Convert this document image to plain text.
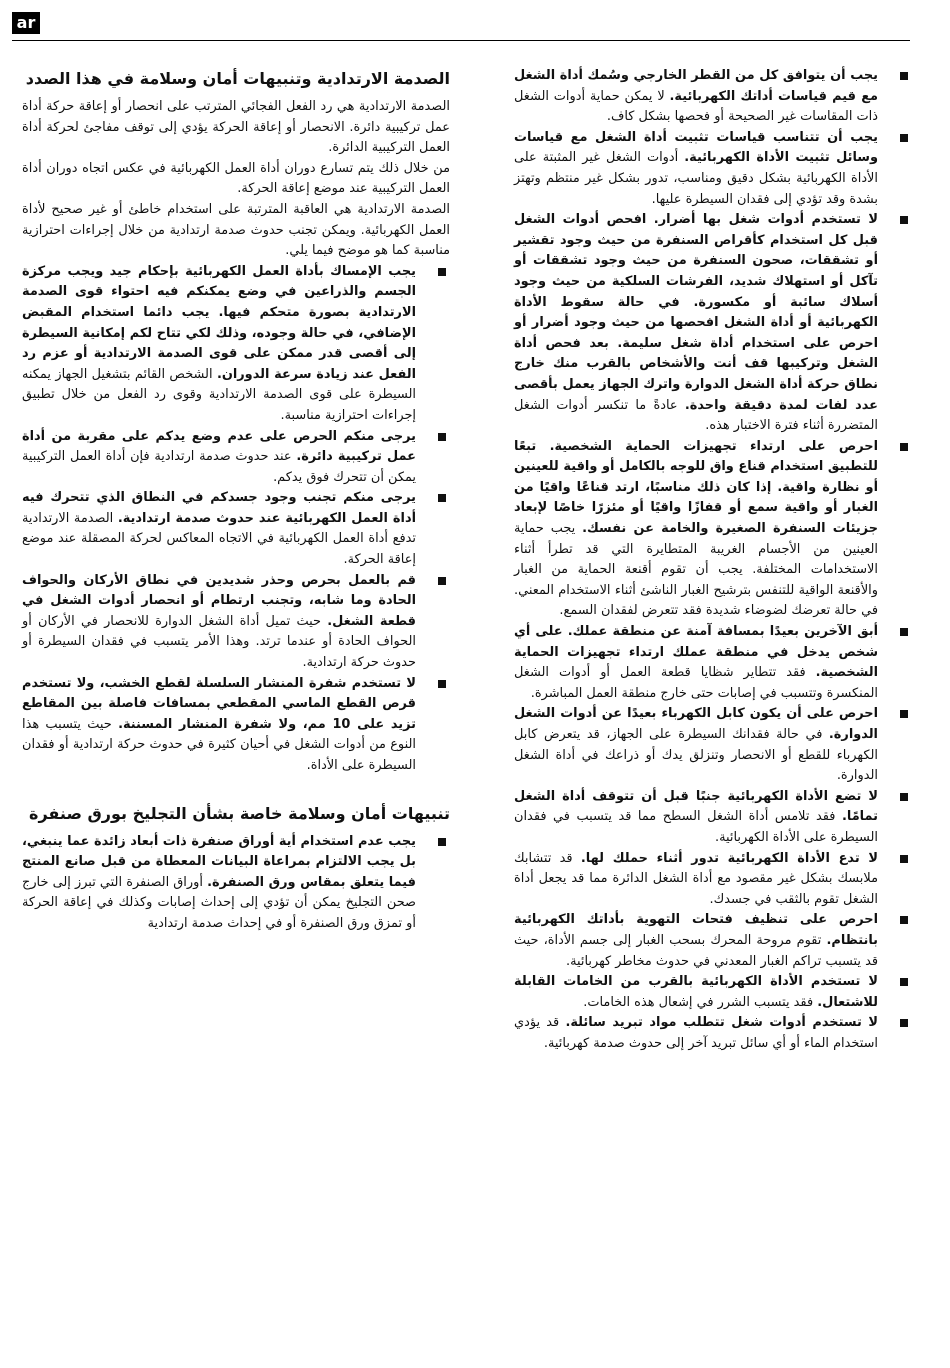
ar
الصدمة الارتدادية وتنبيهات أمان وسلامة في هذا الصدد

الصدمة الارتدادية هي رد الفعل الفجائي المترتب على انحصار أو إعاقة حركة أداة عمل تركيبية دائرة. الانحصار أو إعاقة الحركة يؤدي إلى توقف مفاجئ لحركة أداة العمل التركيبية الدائرة.

من خلال ذلك يتم تسارع دوران أداة العمل الكهربائية في عكس اتجاه دوران أداة العمل التركيبية عند موضع إعاقة الحركة.

الصدمة الارتدادية هي العاقبة المترتبة على استخدام خاطئ أو غير صحيح لأداة العمل الكهربائية. ويمكن تجنب حدوث صدمة ارتدادية من خلال إجراءات احترازية مناسبة كما هو موضح فيما يلي.

يجب الإمساك بأداة العمل الكهربائية بإحكام جيد ويجب مركزة الجسم والذراعين في وضع يمكنكم فيه احتواء قوى الصدمة الارتدادية بصورة متحكم فيها. يجب دائما استخدام المقبض الإضافي، في حالة وجوده، وذلك لكي تتاح لكم إمكانية السيطرة إلى أقصى قدر ممكن على قوى الصدمة الارتدادية أو عزم رد الفعل عند زيادة سرعة الدوران. الشخص القائم بتشغيل الجهاز يمكنه السيطرة على قوى الصدمة الارتدادية وقوى رد الفعل من خلال تطبيق إجراءات احترازية مناسبة.
يرجى منكم الحرص على عدم وضع يدكم على مقربة من أداة عمل تركيبية دائرة. عند حدوث صدمة ارتدادية فإن أداة العمل التركيبية يمكن أن تتحرك فوق يدكم.
يرجى منكم تجنب وجود جسدكم في النطاق الذي تتحرك فيه أداة العمل الكهربائية عند حدوث صدمة ارتدادية. الصدمة الارتدادية تدفع أداة العمل الكهربائية في الاتجاه المعاكس لحركة المصقلة عند موضع إعاقة الحركة.
قم بالعمل بحرص وحذر شديدين في نطاق الأركان والحواف الحادة وما شابه، وتجنب ارتطام أو انحصار أدوات الشغل في قطعة الشغل. حيث تميل أداة الشغل الدوارة للانحصار في الأركان أو الحواف الحادة أو عندما ترتد. وهذا الأمر يتسبب في فقدان السيطرة أو حدوث حركة ارتدادية.
لا تستخدم شفرة المنشار السلسلة لقطع الخشب، ولا تستخدم قرص القطع الماسي المقطعي بمسافات فاصلة بين المقاطع تزيد على 10 مم، ولا شفرة المنشار المسننة. حيث يتسبب هذا النوع من أدوات الشغل في أحيان كثيرة في حدوث حركة ارتدادية أو فقدان السيطرة على الأداة.
تنبيهات أمان وسلامة خاصة بشأن التجليخ بورق صنفرة
يجب عدم استخدام أية أوراق صنفرة ذات أبعاد زائدة عما ينبغي، بل يجب الالتزام بمراعاة البيانات المعطاة من قبل صانع المنتج فيما يتعلق بمقاس ورق الصنفرة. أوراق الصنفرة التي تبرز إلى خارج صحن التجليخ يمكن أن تؤدي إلى إحداث إصابات وكذلك في إعاقة الحركة أو تمزق ورق الصنفرة أو في إحداث صدمة ارتدادية
يجب أن يتوافق كل من القطر الخارجي وسُمك أداة الشغل مع قيم قياسات أداتك الكهربائية. لا يمكن حماية أدوات الشغل ذات المقاسات غير الصحيحة أو فحصها بشكل كاف.
يجب أن تتناسب قياسات تثبيت أداة الشغل مع قياسات وسائل تثبيت الأداة الكهربائية. أدوات الشغل غير المثبتة على الأداة الكهربائية بشكل دقيق ومناسب، تدور بشكل غير منتظم وتهتز بشدة وقد تؤدي إلى فقدان السيطرة عليها.
لا تستخدم أدوات شغل بها أضرار. افحص أدوات الشغل قبل كل استخدام كأقراص السنفرة من حيث وجود تقشير أو تشققات، صحون السنفرة من حيث وجود تشققات أو تآكل أو استهلاك شديد، الفرشات السلكية من حيث وجود أسلاك سائبة أو مكسورة. في حالة سقوط الأداة الكهربائية أو أداة الشغل افحصها من حيث وجود أضرار أو احرص على استخدام أداة شغل سليمة. بعد فحص أداة الشغل وتركيبها قف أنت والأشخاص بالقرب منك خارج نطاق حركة أداة الشغل الدوارة واترك الجهاز يعمل بأقصى عدد لفات لمدة دقيقة واحدة. عادةً ما تنكسر أدوات الشغل المتضررة أثناء فترة الاختبار هذه.
احرص على ارتداء تجهيزات الحماية الشخصية. تبعًا للتطبيق استخدام قناع واق للوجه بالكامل أو واقية للعينين أو نظارة واقية. إذا كان ذلك مناسبًا، ارتد قناعًا واقيًا من الغبار أو واقية سمع أو قفازًا واقيًا أو مئزرًا خاصًا لإبعاد جزيئات السنفرة الصغيرة والخامة عن نفسك. يجب حماية العينين من الأجسام الغريبة المتطايرة التي قد تطرأ أثناء الاستخدامات المختلفة. يجب أن تقوم أقنعة الحماية من الغبار والأقنعة الواقية للتنفس بترشيح الغبار الناشئ أثناء الاستخدام المعني. في حالة تعرضك لضوضاء شديدة فقد تتعرض لفقدان السمع.
أبق الآخرين بعيدًا بمسافة آمنة عن منطقة عملك. على أي شخص يدخل في منطقة عملك ارتداء تجهيزات الحماية الشخصية. فقد تتطاير شظايا قطعة العمل أو أدوات الشغل المنكسرة وتتسبب في إصابات حتى خارج منطقة العمل المباشرة.
احرص على أن يكون كابل الكهرباء بعيدًا عن أدوات الشغل الدوارة. في حالة فقدانك السيطرة على الجهاز، قد يتعرض كابل الكهرباء للقطع أو الانحصار وتنزلق يدك أو ذراعك في أداة الشغل الدوارة.
لا تضع الأداة الكهربائية جنبًا قبل أن تتوقف أداة الشغل تمامًا. فقد تلامس أداة الشغل السطح مما قد يتسبب في فقدان السيطرة على الأداة الكهربائية.
لا تدع الأداة الكهربائية تدور أثناء حملك لها. قد تتشابك ملابسك بشكل غير مقصود مع أداة الشغل الدائرة مما قد يجعل أداة الشغل تقوم بالثقب في جسدك.
احرص على تنظيف فتحات التهوية بأداتك الكهربائية بانتظام. تقوم مروحة المحرك بسحب الغبار إلى جسم الأداة، حيث قد يتسبب تراكم الغبار المعدني في حدوث مخاطر كهربائية.
لا تستخدم الأداة الكهربائية بالقرب من الخامات القابلة للاشتعال. فقد يتسبب الشرر في إشعال هذه الخامات.
لا تستخدم أدوات شغل تتطلب مواد تبريد سائلة. قد يؤدي استخدام الماء أو أي سائل تبريد آخر إلى حدوث صدمة كهربائية.
